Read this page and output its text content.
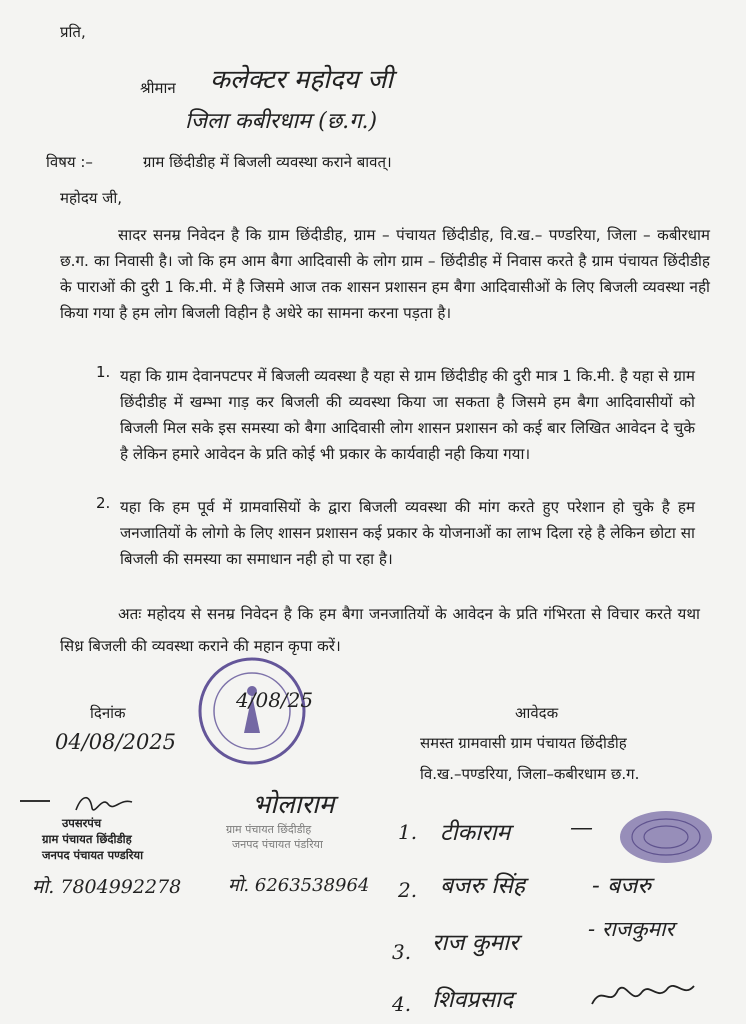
प्रति,
श्रीमान कलेक्टर महोदय जी
जिला कबीरधाम (छ.ग.)
विषय :–	ग्राम छिंदीडीह में बिजली व्यवस्था कराने बावत्।
महोदय जी,
सादर सनम्र निवेदन है कि ग्राम छिंदीडीह, ग्राम – पंचायत छिंदीडीह, वि.ख.– पण्डरिया, जिला – कबीरधाम छ.ग. का निवासी है। जो कि हम आम बैगा आदिवासी के लोग ग्राम – छिंदीडीह में निवास करते है ग्राम पंचायत छिंदीडीह के पाराओं की दुरी 1 कि.मी. में है जिसमे आज तक शासन प्रशासन हम बैगा आदिवासीओं के लिए बिजली व्यवस्था नही किया गया है हम लोग बिजली विहीन है अधेरे का सामना करना पड़ता है।
1. यहा कि ग्राम देवानपटपर में बिजली व्यवस्था है यहा से ग्राम छिंदीडीह की दुरी मात्र 1 कि.मी. है यहा से ग्राम छिंदीडीह में खम्भा गाड़ कर बिजली की व्यवस्था किया जा सकता है जिसमे हम बैगा आदिवासीयों को बिजली मिल सके इस समस्या को बैगा आदिवासी लोग शासन प्रशासन को कई बार लिखित आवेदन दे चुके है लेकिन हमारे आवेदन के प्रति कोई भी प्रकार के कार्यवाही नही किया गया।
2. यहा कि हम पूर्व में ग्रामवासियों के द्वारा बिजली व्यवस्था की मांग करते हुए परेशान हो चुके है हम जनजातियों के लोगो के लिए शासन प्रशासन कई प्रकार के योजनाओं का लाभ दिला रहे है लेकिन छोटा सा बिजली की समस्या का समाधान नही हो पा रहा है।
अतः महोदय से सनम्र निवेदन है कि हम बैगा जनजातियों के आवेदन के प्रति गंभिरता से विचार करते यथा सिध्र बिजली की व्यवस्था कराने की महान कृपा करें।
दिनांक
04/08/2025
4/08/25
आवेदक
समस्त ग्रामवासी ग्राम पंचायत छिंदीडीह
वि.ख.–पण्डरिया, जिला–कबीरधाम छ.ग.
उपसरपंच
ग्राम पंचायत छिंदीडीह
जनपद पंचायत पण्डरिया
मो. 7804992278
भोलाराम
ग्राम पंचायत छिंदीडीह
जनपद पंचायत पंडरिया
मो. 6263538964
1. टीकाराम	—
2. बजरु सिंह	- बजरु
3. राज कुमार
- राजकुमार
4. शिवप्रसाद
